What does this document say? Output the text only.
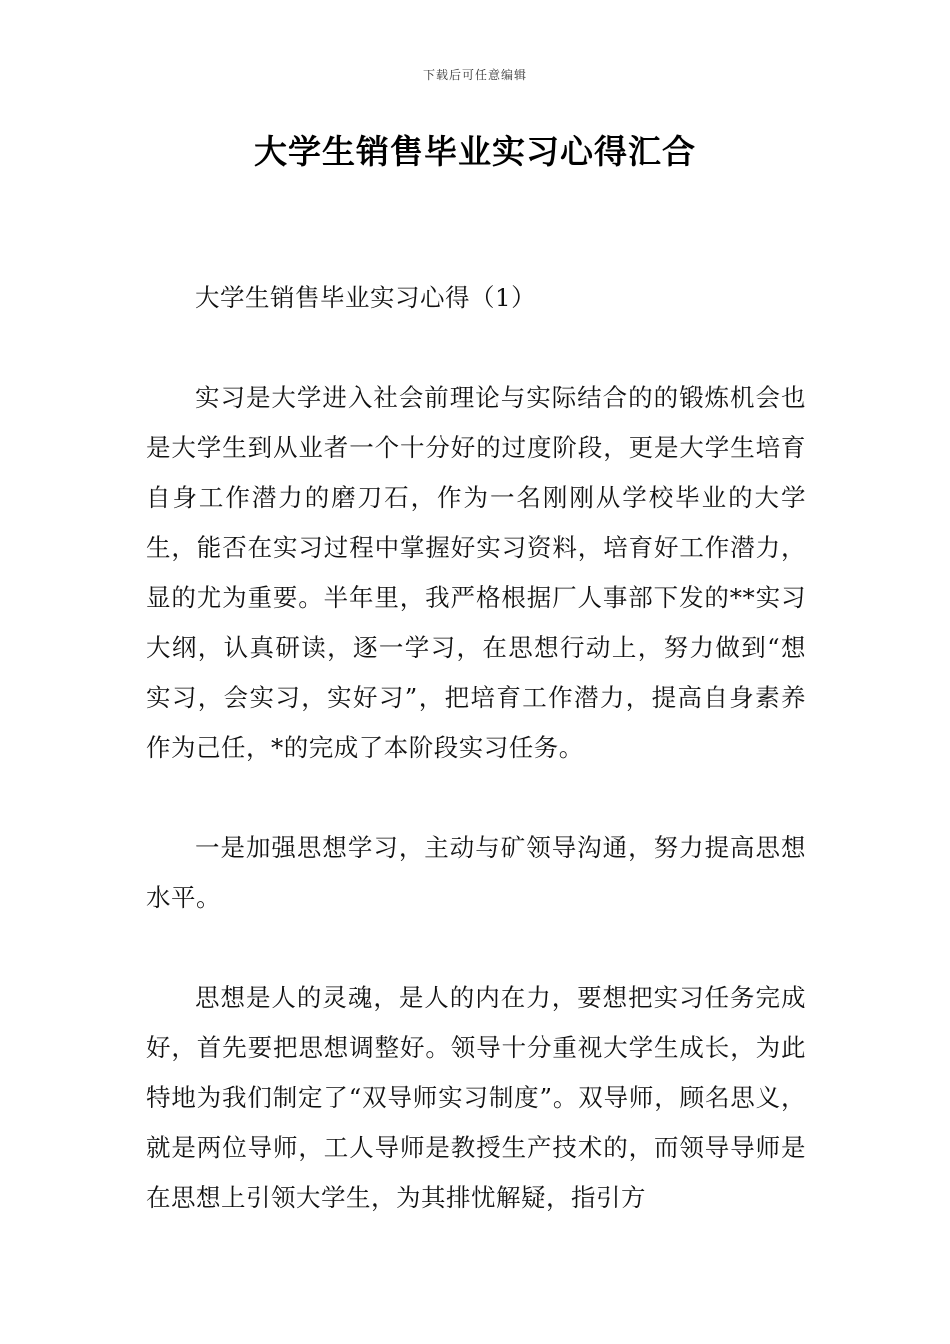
下载后可任意编辑
大学生销售毕业实习心得汇合

大学生销售毕业实习心得（1）

实习是大学进入社会前理论与实际结合的的锻炼机会也是大学生到从业者一个十分好的过度阶段，更是大学生培育自身工作潜力的磨刀石，作为一名刚刚从学校毕业的大学生，能否在实习过程中掌握好实习资料，培育好工作潜力，显的尤为重要。半年里，我严格根据厂人事部下发的**实习大纲，认真研读，逐一学习，在思想行动上，努力做到“想实习，会实习，实好习”，把培育工作潜力，提高自身素养作为己任，*的完成了本阶段实习任务。

一是加强思想学习，主动与矿领导沟通，努力提高思想水平。

思想是人的灵魂，是人的内在力，要想把实习任务完成好，首先要把思想调整好。领导十分重视大学生成长，为此特地为我们制定了“双导师实习制度”。双导师，顾名思义，就是两位导师，工人导师是教授生产技术的，而领导导师是在思想上引领大学生，为其排忧解疑，指引方
